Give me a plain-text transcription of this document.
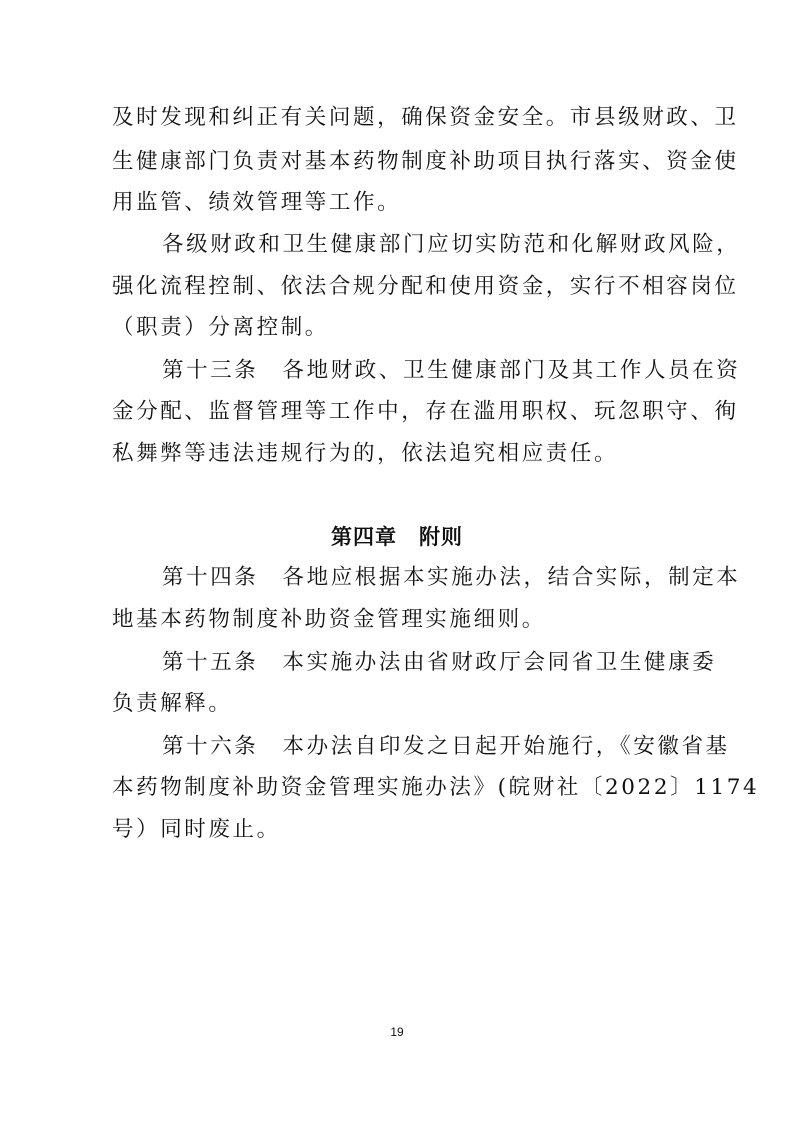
及时发现和纠正有关问题，确保资金安全。市县级财政、卫
生健康部门负责对基本药物制度补助项目执行落实、资金使
用监管、绩效管理等工作。
各级财政和卫生健康部门应切实防范和化解财政风险，
强化流程控制、依法合规分配和使用资金，实行不相容岗位
（职责）分离控制。
第十三条　各地财政、卫生健康部门及其工作人员在资
金分配、监督管理等工作中，存在滥用职权、玩忽职守、徇
私舞弊等违法违规行为的，依法追究相应责任。
第四章　附则
第十四条　各地应根据本实施办法，结合实际，制定本
地基本药物制度补助资金管理实施细则。
第十五条　本实施办法由省财政厅会同省卫生健康委
负责解释。
第十六条　本办法自印发之日起开始施行，《安徽省基
本药物制度补助资金管理实施办法》(皖财社〔2022〕1174
号）同时废止。
19
